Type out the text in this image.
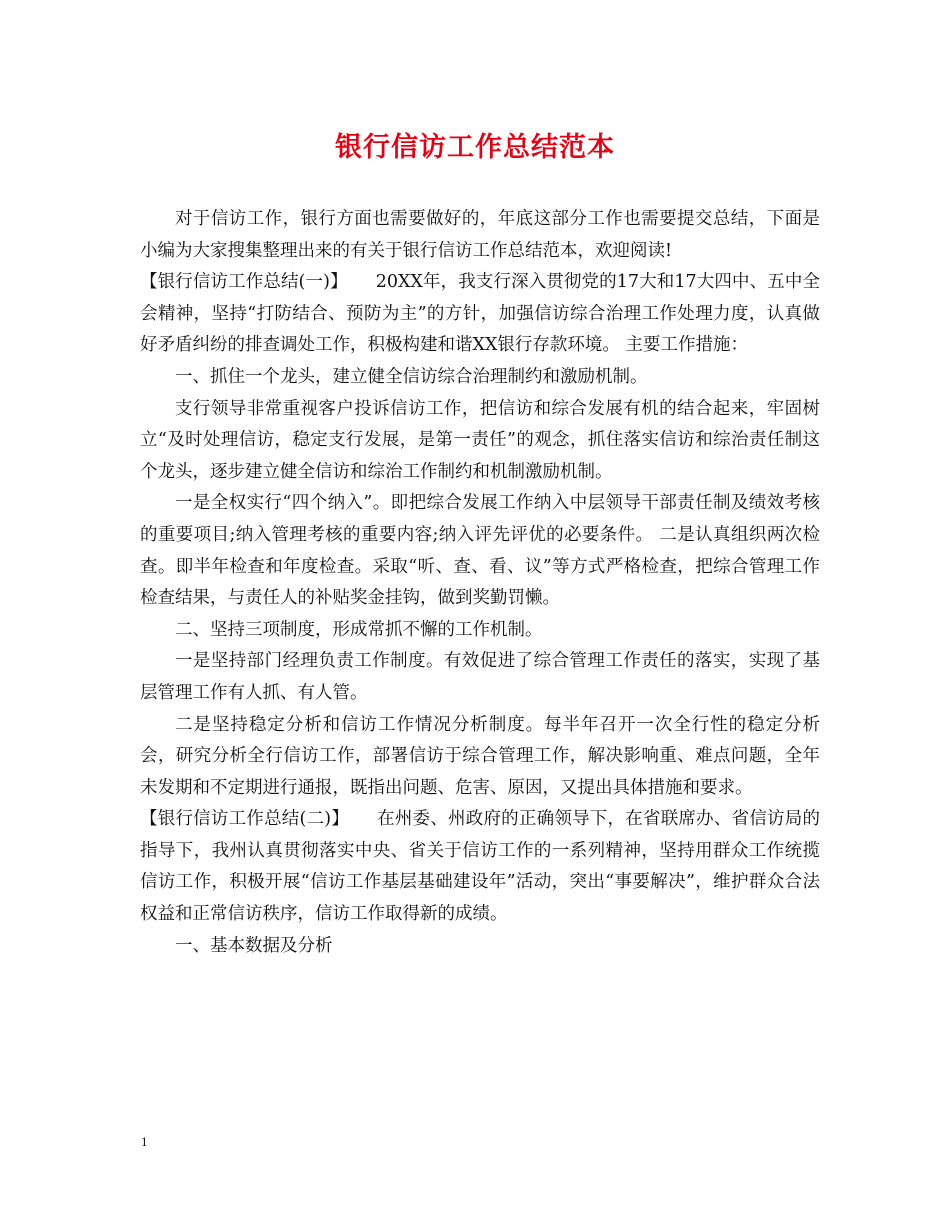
银行信访工作总结范本

对于信访工作，银行方面也需要做好的，年底这部分工作也需要提交总结，下面是小编为大家搜集整理出来的有关于银行信访工作总结范本，欢迎阅读!

【银行信访工作总结(一)】 20XX年，我支行深入贯彻党的17大和17大四中、五中全会精神，坚持“打防结合、预防为主”的方针，加强信访综合治理工作处理力度，认真做好矛盾纠纷的排查调处工作，积极构建和谐XX银行存款环境。 主要工作措施：

一、抓住一个龙头，建立健全信访综合治理制约和激励机制。

支行领导非常重视客户投诉信访工作，把信访和综合发展有机的结合起来，牢固树立“及时处理信访，稳定支行发展，是第一责任”的观念，抓住落实信访和综治责任制这个龙头，逐步建立健全信访和综治工作制约和机制激励机制。

一是全权实行“四个纳入”。即把综合发展工作纳入中层领导干部责任制及绩效考核的重要项目;纳入管理考核的重要内容;纳入评先评优的必要条件。 二是认真组织两次检查。即半年检查和年度检查。采取“听、查、看、议”等方式严格检查，把综合管理工作检查结果，与责任人的补贴奖金挂钩，做到奖勤罚懒。

二、坚持三项制度，形成常抓不懈的工作机制。

一是坚持部门经理负责工作制度。有效促进了综合管理工作责任的落实，实现了基层管理工作有人抓、有人管。

二是坚持稳定分析和信访工作情况分析制度。每半年召开一次全行性的稳定分析会，研究分析全行信访工作，部署信访于综合管理工作，解决影响重、难点问题，全年未发期和不定期进行通报，既指出问题、危害、原因，又提出具体措施和要求。

【银行信访工作总结(二)】 在州委、州政府的正确领导下，在省联席办、省信访局的指导下，我州认真贯彻落实中央、省关于信访工作的一系列精神，坚持用群众工作统揽信访工作，积极开展“信访工作基层基础建设年”活动，突出“事要解决”，维护群众合法权益和正常信访秩序，信访工作取得新的成绩。

一、基本数据及分析

1
